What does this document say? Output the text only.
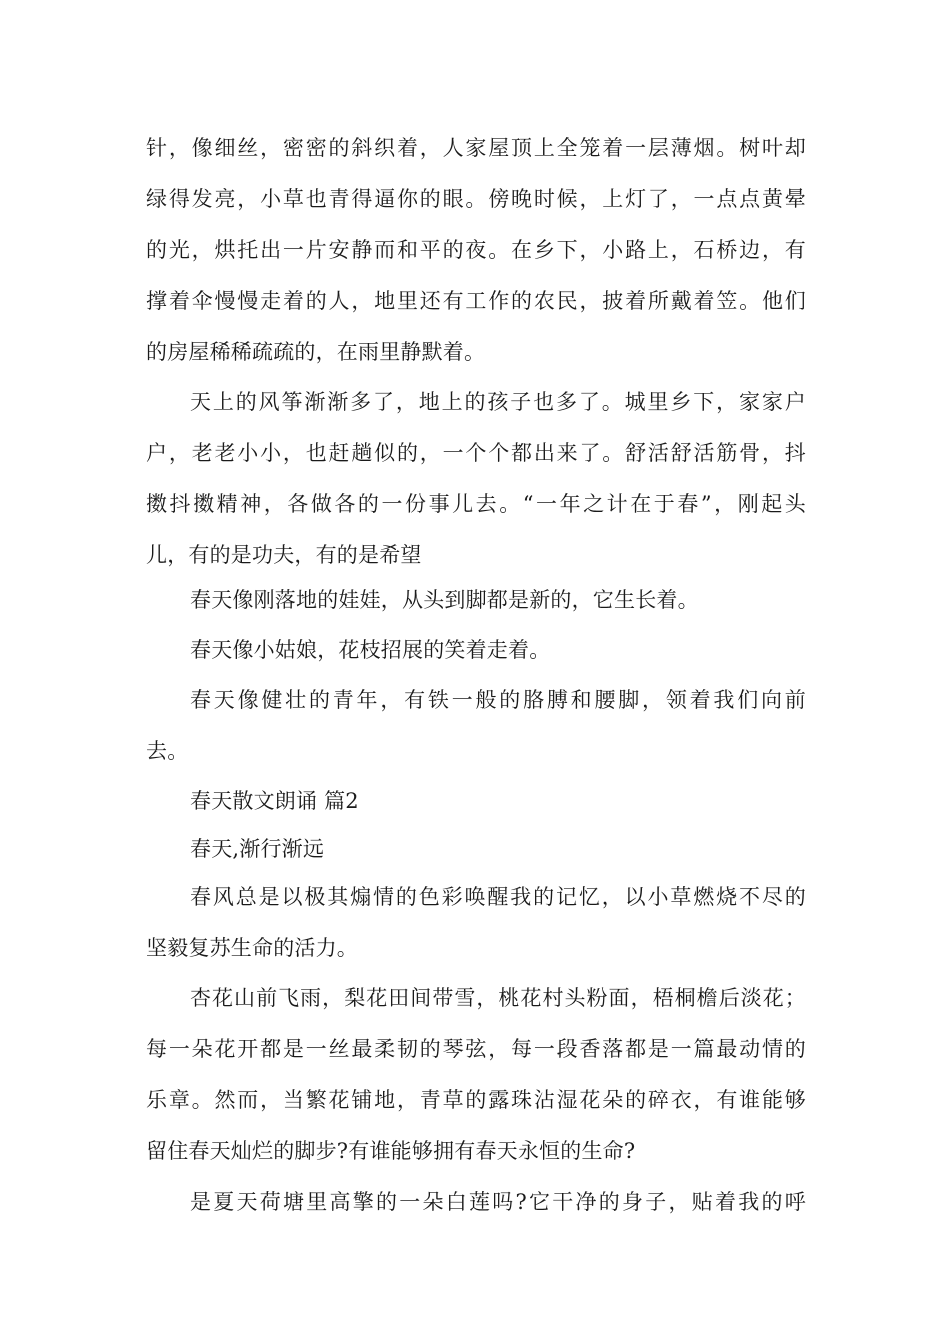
针，像细丝，密密的斜织着，人家屋顶上全笼着一层薄烟。树叶却
绿得发亮，小草也青得逼你的眼。傍晚时候，上灯了，一点点黄晕
的光，烘托出一片安静而和平的夜。在乡下，小路上，石桥边，有
撑着伞慢慢走着的人，地里还有工作的农民，披着所戴着笠。他们
的房屋稀稀疏疏的，在雨里静默着。
天上的风筝渐渐多了，地上的孩子也多了。城里乡下，家家户
户，老老小小，也赶趟似的，一个个都出来了。舒活舒活筋骨，抖
擞抖擞精神，各做各的一份事儿去。“一年之计在于春”，刚起头
儿，有的是功夫，有的是希望
春天像刚落地的娃娃，从头到脚都是新的，它生长着。
春天像小姑娘，花枝招展的笑着走着。
春天像健壮的青年，有铁一般的胳膊和腰脚，领着我们向前
去。
春天散文朗诵 篇2
春天,渐行渐远
春风总是以极其煽情的色彩唤醒我的记忆，以小草燃烧不尽的
坚毅复苏生命的活力。
杏花山前飞雨，梨花田间带雪，桃花村头粉面，梧桐檐后淡花；
每一朵花开都是一丝最柔韧的琴弦，每一段香落都是一篇最动情的
乐章。然而，当繁花铺地，青草的露珠沾湿花朵的碎衣，有谁能够
留住春天灿烂的脚步?有谁能够拥有春天永恒的生命?
是夏天荷塘里高擎的一朵白莲吗?它干净的身子，贴着我的呼
